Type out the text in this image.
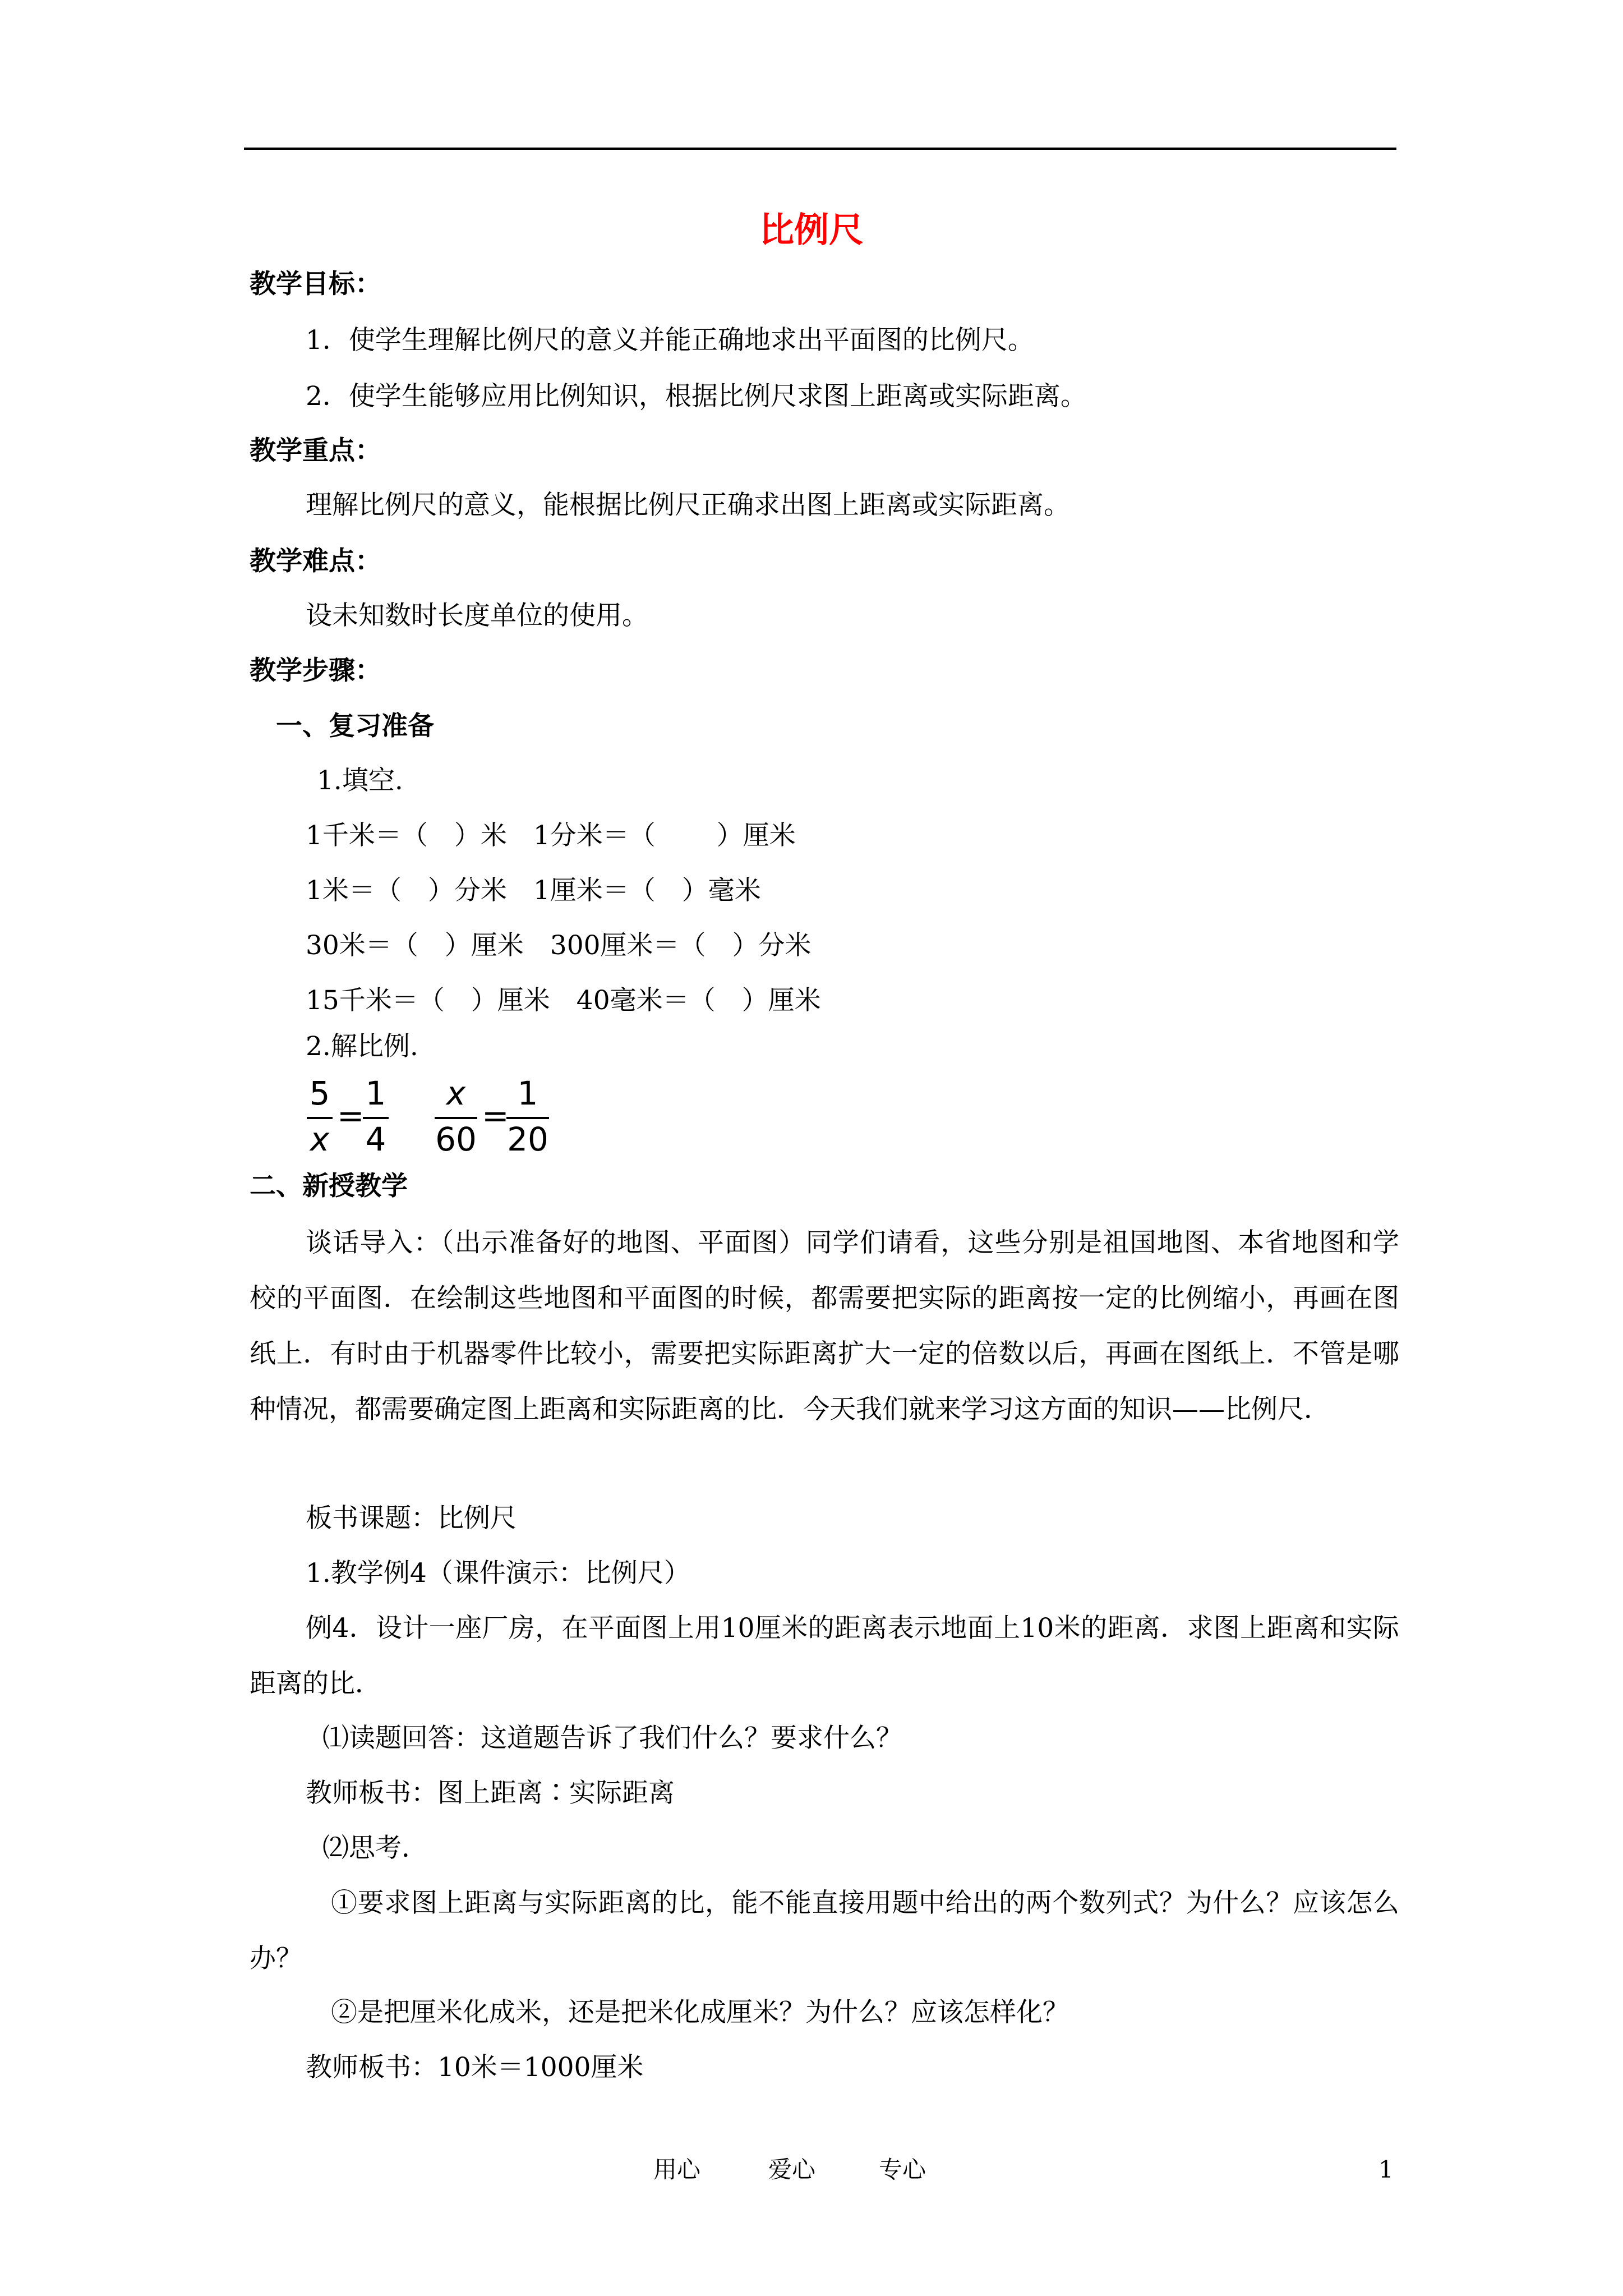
比例尺
教学目标：
1．使学生理解比例尺的意义并能正确地求出平面图的比例尺。
2．使学生能够应用比例知识，根据比例尺求图上距离或实际距离。
教学重点：
理解比例尺的意义，能根据比例尺正确求出图上距离或实际距离。
教学难点：
设未知数时长度单位的使用。
教学步骤：
一、复习准备
1.填空.
1千米＝（　）米　1分米＝（　　 ）厘米
1米＝（　）分米　1厘米＝（　）毫米
30米＝（　）厘米　300厘米＝（　）分米
15千米＝（　）厘米　40毫米＝（　）厘米
2.解比例.
5
x
=
1
4
x
60
=
1
20
二、新授教学
谈话导入：（出示准备好的地图、平面图）同学们请看，这些分别是祖国地图、本省地图和学校的平面图．在绘制这些地图和平面图的时候，都需要把实际的距离按一定的比例缩小，再画在图纸上．有时由于机器零件比较小，需要把实际距离扩大一定的倍数以后，再画在图纸上．不管是哪种情况，都需要确定图上距离和实际距离的比．今天我们就来学习这方面的知识——比例尺．
板书课题：比例尺
1.教学例4（课件演示：比例尺）
例4．设计一座厂房，在平面图上用10厘米的距离表示地面上10米的距离．求图上距离和实际距离的比．
⑴读题回答：这道题告诉了我们什么？要求什么？
教师板书：图上距离∶实际距离
⑵思考．
①要求图上距离与实际距离的比，能不能直接用题中给出的两个数列式？为什么？应该怎么办？
②是把厘米化成米，还是把米化成厘米？为什么？应该怎样化？
教师板书：10米＝1000厘米
用心	爱心	专心	1
